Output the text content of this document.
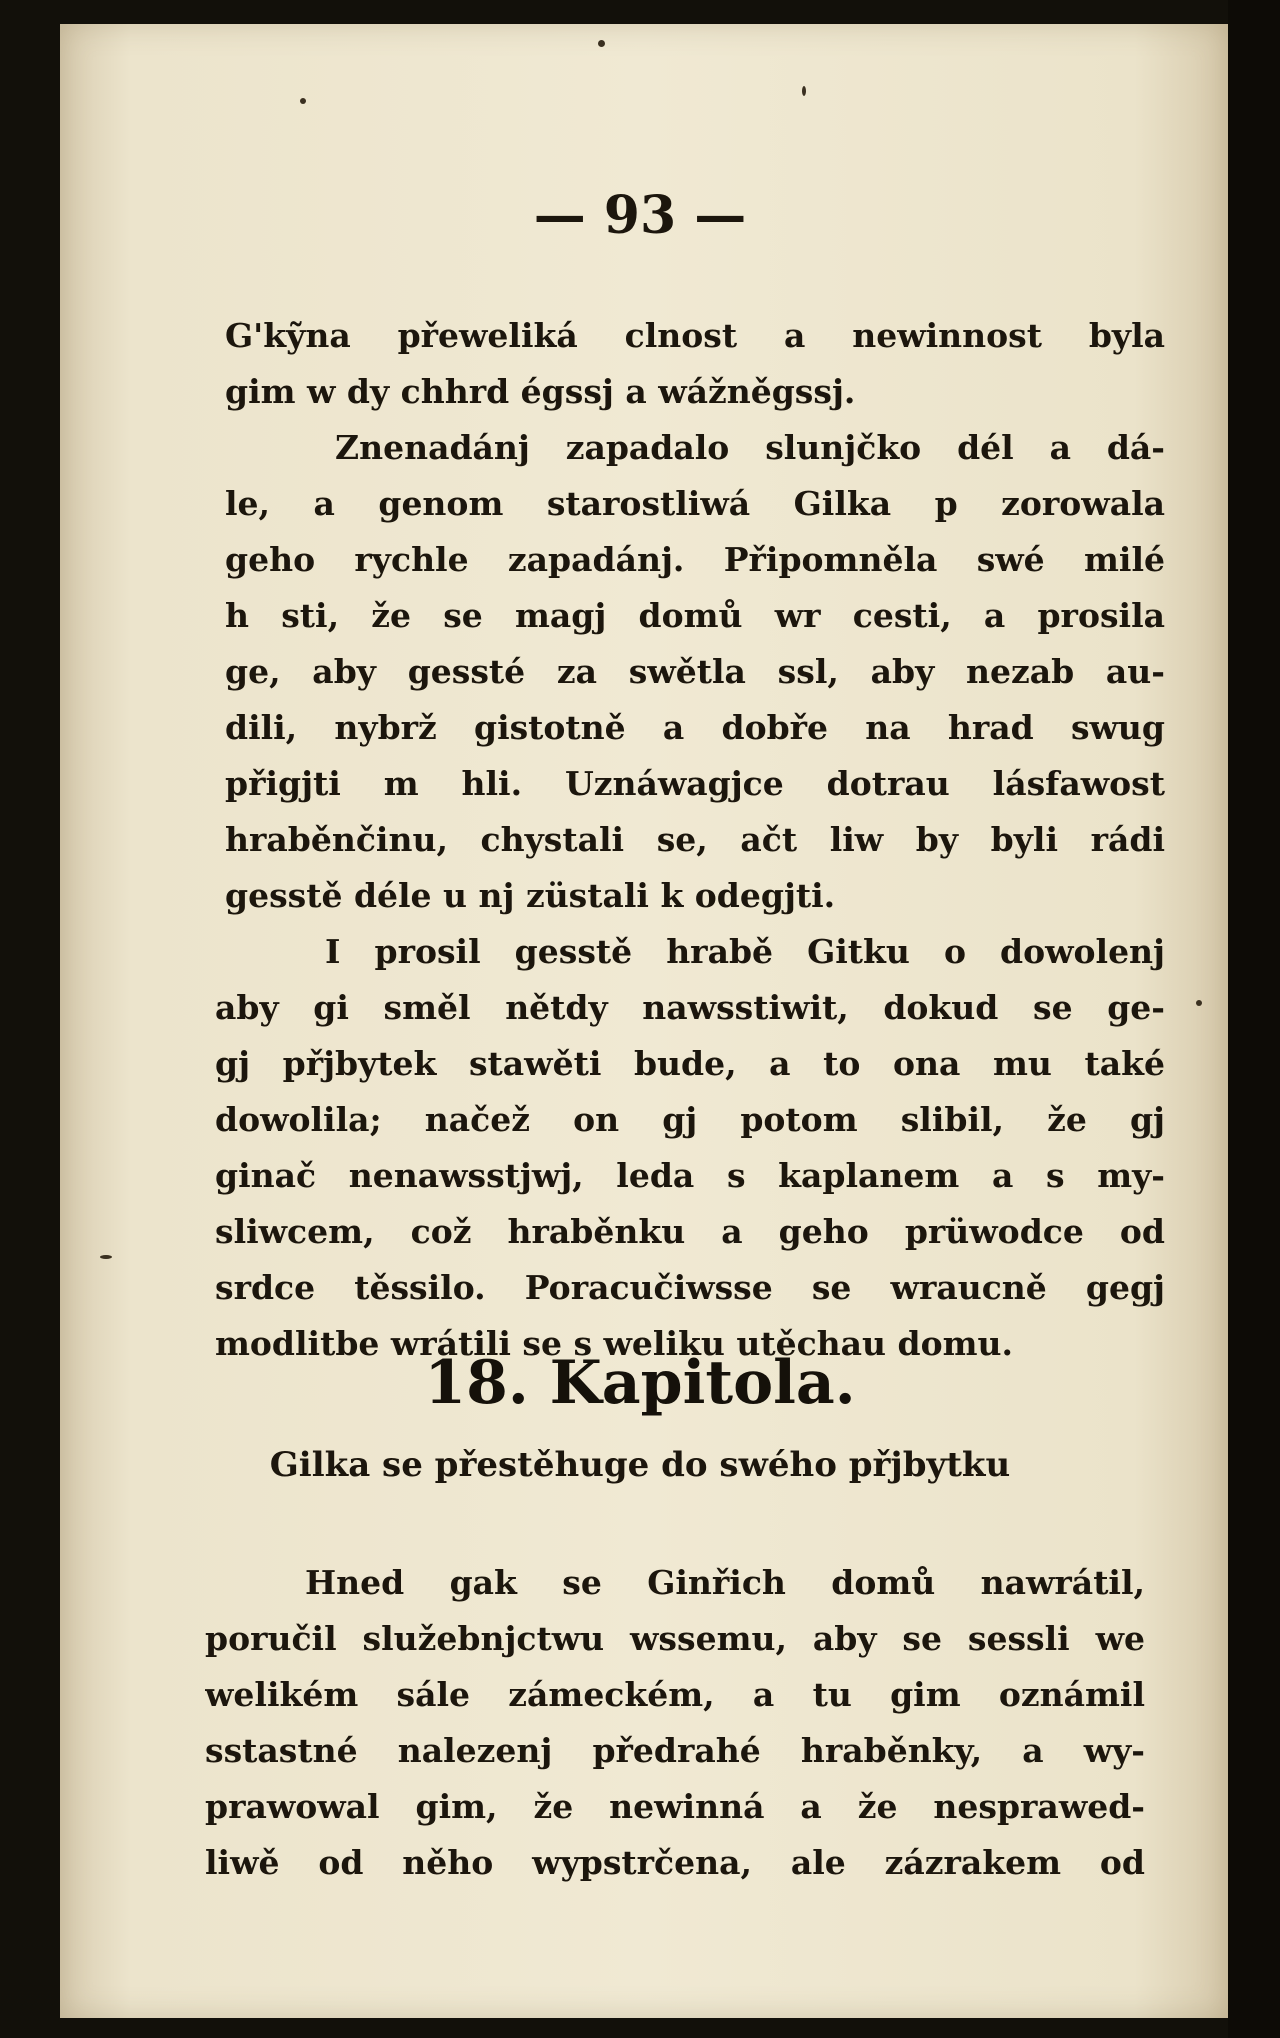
— 93 —
G'kỹna přeweliká clnost a newinnost byla
gim w dy chhrd égssj a wážněgssj.
Znenadánj zapadalo slunjčko dél a dá-
le, a genom starostliwá Gilka p zorowala
geho rychle zapadánj. Připomněla swé milé
h sti, že se magj domů wr cesti, a prosila
ge, aby gessté za swětla ssl, aby nezab au-
dili, nybrž gistotně a dobře na hrad swug
přigjti m hli. Uznáwagjce dotrau lásfawost
hraběnčinu, chystali se, ačt liw by byli rádi
gesstě déle u nj züstali k odegjti.
I prosil gesstě hrabě Gitku o dowolenj
aby gi směl nětdy nawsstiwit, dokud se ge-
gj přjbytek stawěti bude, a to ona mu také
dowolila; načež on gj potom slibil, že gj
ginač nenawsstjwj, leda s kaplanem a s my-
sliwcem, což hraběnku a geho prüwodce od
srdce těssilo. Poracučiwsse se wraucně gegj
modlitbe wrátili se s weliku utěchau domu.
18. Kapitola.
Gilka se přestěhuge do swého přjbytku
Hned gak se Ginřich domů nawrátil,
poručil služebnjctwu wssemu, aby se sessli we
welikém sále zámeckém, a tu gim oznámil
sstastné nalezenj předrahé hraběnky, a wy-
prawowal gim, že newinná a že nesprawed-
liwě od něho wypstrčena, ale zázrakem od
